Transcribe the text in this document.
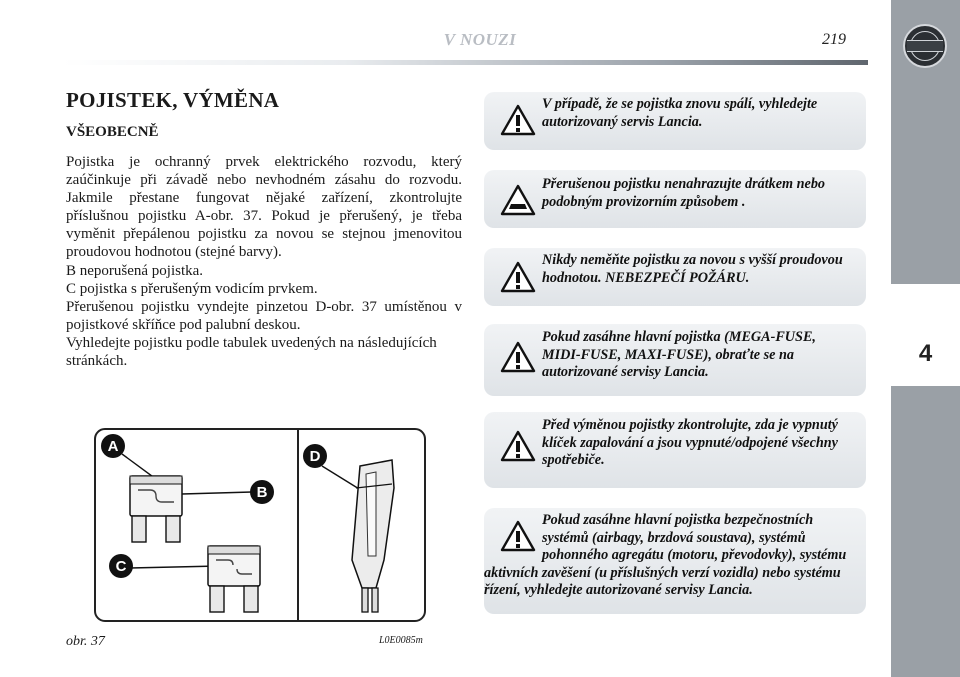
V NOUZI	219
4
POJISTEK, VÝMĚNA
VŠEOBECNĚ

Pojistka je ochranný prvek elektrického rozvodu, který zaúčinkuje při závadě nebo nevhodném zásahu do rozvodu. Jakmile přestane fungovat nějaké zařízení, zkontrolujte příslušnou pojistku A-obr. 37. Pokud je přerušený, je třeba vyměnit přepálenou pojistku za novou se stejnou jmenovitou proudovou hodnotou (stejné barvy).

B neporušená pojistka.

C pojistka s přerušeným vodicím prvkem.

Přerušenou pojistku vyndejte pinzetou D-obr. 37 umístěnou v pojistkové skříňce pod palubní deskou.

Vyhledejte pojistku podle tabulek uvedených na následujících stránkách.

A
B
C
D
obr. 37	L0E0085m
V případě, že se pojistka znovu spálí, vyhledejte autorizovaný servis Lancia.
Přerušenou pojistku nenahrazujte drátkem nebo podobným provizorním způsobem .
Nikdy neměňte pojistku za novou s vyšší proudovou hodnotou. NEBEZPEČÍ POŽÁRU.
Pokud zasáhne hlavní pojistka (MEGA-FUSE, MIDI-FUSE, MAXI-FUSE), obraťte se na autorizované servisy Lancia.
Před výměnou pojistky zkontrolujte, zda je vypnutý klíček zapalování a jsou vypnuté/odpojené všechny spotřebiče.
Pokud zasáhne hlavní pojistka bezpečnostních systémů (airbagy, brzdová soustava), systémů pohonného agregátu (motoru, převodovky), systému aktivních zavěšení (u příslušných verzí vozidla) nebo systému řízení, vyhledejte autorizované servisy Lancia.
